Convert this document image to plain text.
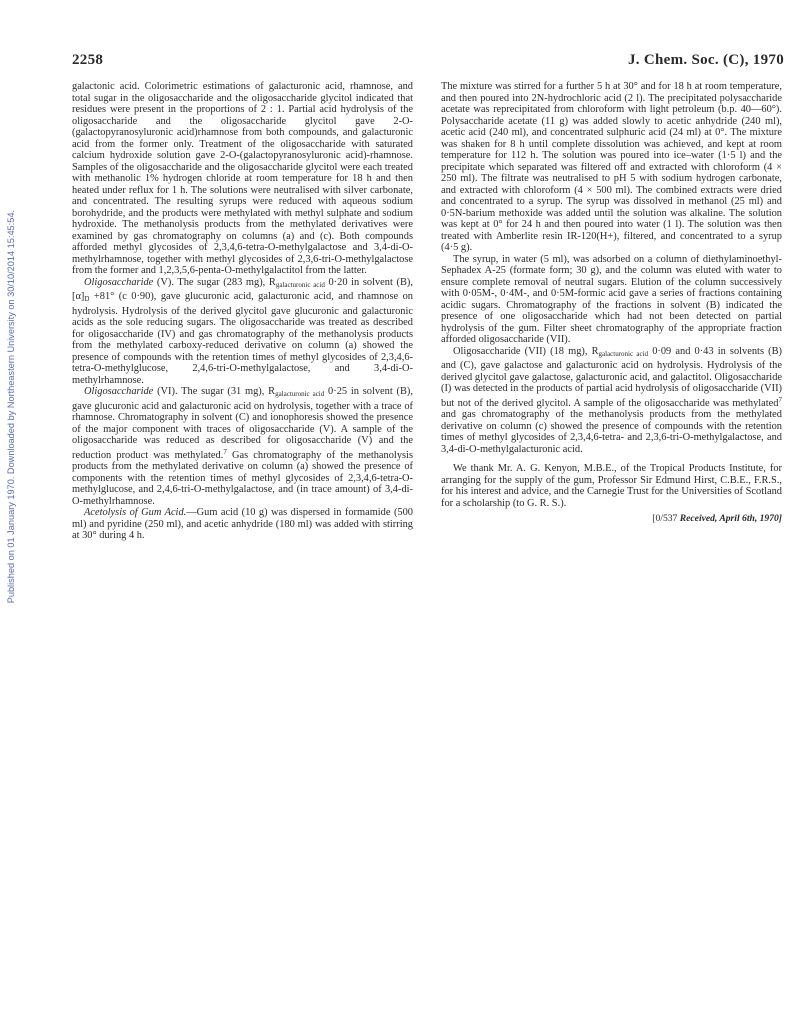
2258	J. Chem. Soc. (C), 1970
Published on 01 January 1970. Downloaded by Northeastern University on 30/10/2014 15:45:54.

galactonic acid. Colorimetric estimations of galacturonic acid, rhamnose, and total sugar in the oligosaccharide and the oligosaccharide glycitol indicated that residues were present in the proportions of 2 : 1. Partial acid hydrolysis of the oligosaccharide and the oligosaccharide glycitol gave 2-O-(galactopyranosyluronic acid)rhamnose from both compounds, and galacturonic acid from the former only. Treatment of the oligosaccharide with saturated calcium hydroxide solution gave 2-O-(galactopyranosyluronic acid)-rhamnose. Samples of the oligosaccharide and the oligosaccharide glycitol were each treated with methanolic 1% hydrogen chloride at room temperature for 18 h and then heated under reflux for 1 h. The solutions were neutralised with silver carbonate, and concentrated. The resulting syrups were reduced with aqueous sodium borohydride, and the products were methylated with methyl sulphate and sodium hydroxide. The methanolysis products from the methylated derivatives were examined by gas chromatography on columns (a) and (c). Both compounds afforded methyl glycosides of 2,3,4,6-tetra-O-methylgalactose and 3,4-di-O-methylrhamnose, together with methyl glycosides of 2,3,6-tri-O-methylgalactose from the former and 1,2,3,5,6-penta-O-methylgalactitol from the latter.

Oligosaccharide (V). The sugar (283 mg), $R_{galacturonic acid}$ 0·20 in solvent (B), $[\alpha]_D +81^\circ$ (c 0·90), gave glucuronic acid, galacturonic acid, and rhamnose on hydrolysis. Hydrolysis of the derived glycitol gave glucuronic and galacturonic acids as the sole reducing sugars. The oligosaccharide was treated as described for oligosaccharide (IV) and gas chromatography of the methanolysis products from the methylated carboxy-reduced derivative on column (a) showed the presence of compounds with the retention times of methyl glycosides of 2,3,4,6-tetra-O-methylglucose, 2,4,6-tri-O-methylgalactose, and 3,4-di-O-methylrhamnose.

Oligosaccharide (VI). The sugar (31 mg), $R_{galacturonic acid}$ 0·25 in solvent (B), gave glucuronic acid and galacturonic acid on hydrolysis, together with a trace of rhamnose. Chromatography in solvent (C) and ionophoresis showed the presence of the major component with traces of oligosaccharide (V). A sample of the oligosaccharide was reduced as described for oligosaccharide (V) and the reduction product was methylated.$^7$ Gas chromatography of the methanolysis products from the methylated derivative on column (a) showed the presence of components with the retention times of methyl glycosides of 2,3,4,6-tetra-O-methylglucose, and 2,4,6-tri-O-methylgalactose, and (in trace amount) of 3,4-di-O-methylrhamnose.

Acetolysis of Gum Acid.—Gum acid (10 g) was dispersed in formamide (500 ml) and pyridine (250 ml), and acetic anhydride (180 ml) was added with stirring at 30° during 4 h.

The mixture was stirred for a further 5 h at 30° and for 18 h at room temperature, and then poured into 2N-hydrochloric acid (2 l). The precipitated polysaccharide acetate was reprecipitated from chloroform with light petroleum (b.p. 40—60°). Polysaccharide acetate (11 g) was added slowly to acetic anhydride (240 ml), acetic acid (240 ml), and concentrated sulphuric acid (24 ml) at 0°. The mixture was shaken for 8 h until complete dissolution was achieved, and kept at room temperature for 112 h. The solution was poured into ice–water (1·5 l) and the precipitate which separated was filtered off and extracted with chloroform (4 × 250 ml). The filtrate was neutralised to pH 5 with sodium hydrogen carbonate, and extracted with chloroform (4 × 500 ml). The combined extracts were dried and concentrated to a syrup. The syrup was dissolved in methanol (25 ml) and 0·5N-barium methoxide was added until the solution was alkaline. The solution was kept at 0° for 24 h and then poured into water (1 l). The solution was then treated with Amberlite resin IR-120(H+), filtered, and concentrated to a syrup (4·5 g).

The syrup, in water (5 ml), was adsorbed on a column of diethylaminoethyl-Sephadex A-25 (formate form; 30 g), and the column was eluted with water to ensure complete removal of neutral sugars. Elution of the column successively with 0·05M-, 0·4M-, and 0·5M-formic acid gave a series of fractions containing acidic sugars. Chromatography of the fractions in solvent (B) indicated the presence of one oligosaccharide which had not been detected on partial hydrolysis of the gum. Filter sheet chromatography of the appropriate fraction afforded oligosaccharide (VII).

Oligosaccharide (VII) (18 mg), $R_{galacturonic acid}$ 0·09 and 0·43 in solvents (B) and (C), gave galactose and galacturonic acid on hydrolysis. Hydrolysis of the derived glycitol gave galactose, galacturonic acid, and galactitol. Oligosaccharide (I) was detected in the products of partial acid hydrolysis of oligosaccharide (VII) but not of the derived glycitol. A sample of the oligosaccharide was methylated$^7$ and gas chromatography of the methanolysis products from the methylated derivative on column (c) showed the presence of compounds with the retention times of methyl glycosides of 2,3,4,6-tetra- and 2,3,6-tri-O-methylgalactose, and 3,4-di-O-methylgalacturonic acid.

We thank Mr. A. G. Kenyon, M.B.E., of the Tropical Products Institute, for arranging for the supply of the gum, Professor Sir Edmund Hirst, C.B.E., F.R.S., for his interest and advice, and the Carnegie Trust for the Universities of Scotland for a scholarship (to G. R. S.).

[0/537 Received, April 6th, 1970]
